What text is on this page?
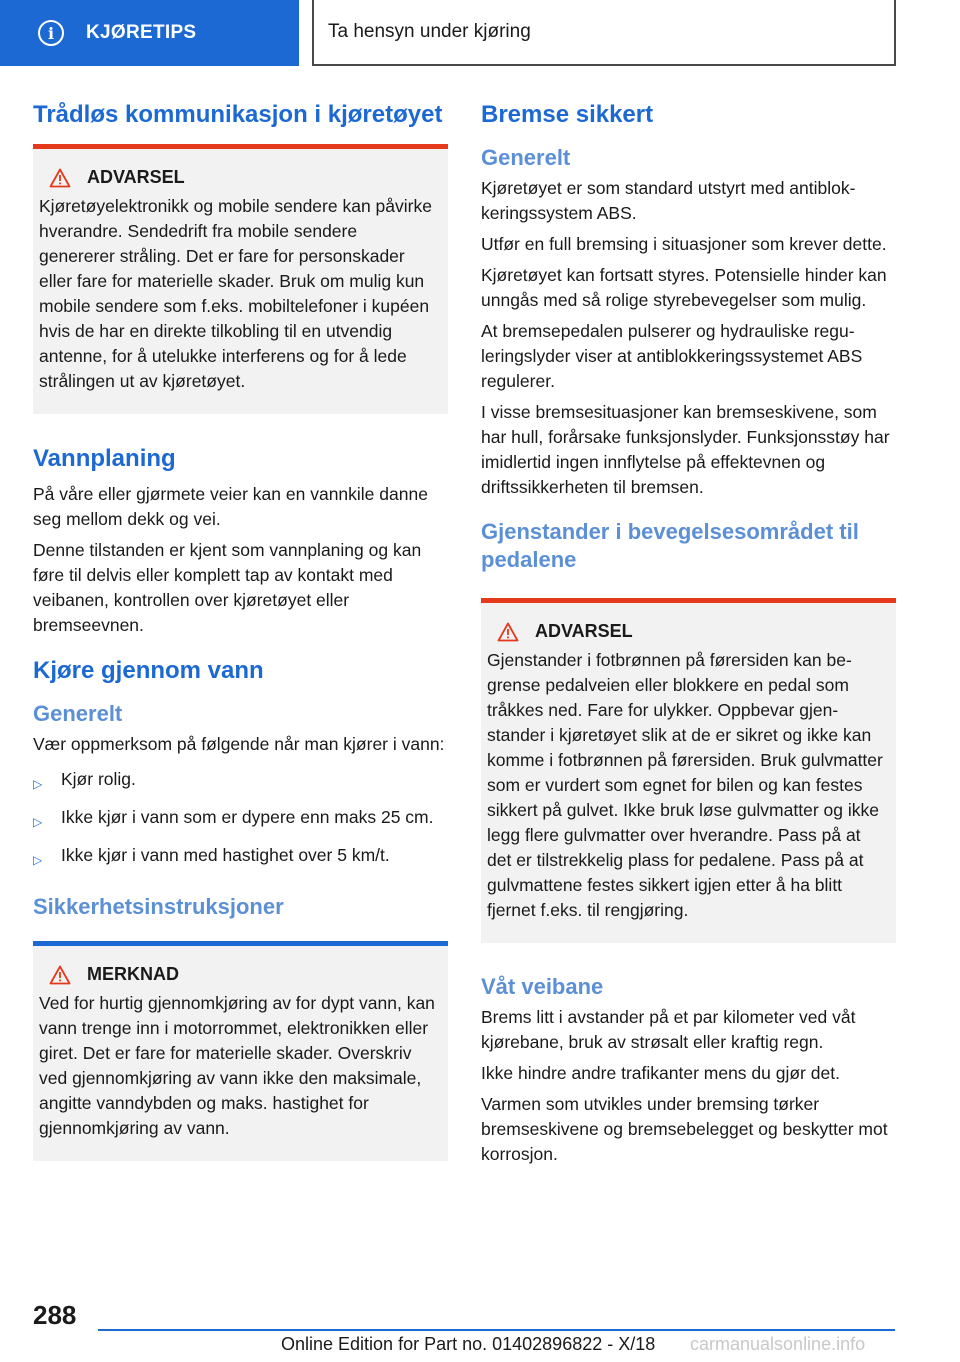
i	KJØRETIPS	Ta hensyn under kjøring
Trådløs kommunikasjon i kjøretøyet
ADVARSEL

Kjøretøyelektronikk og mobile sendere kan påvirke hverandre. Sendedrift fra mobile sendere genererer stråling. Det er fare for personskader eller fare for materielle skader. Bruk om mulig kun mobile sendere som f.eks. mobiltelefoner i kupéen hvis de har en direkte tilkobling til en utvendig antenne, for å utelukke interferens og for å lede strålingen ut av kjøretøyet.

Vannplaning

På våre eller gjørmete veier kan en vannkile danne seg mellom dekk og vei.

Denne tilstanden er kjent som vannplaning og kan føre til delvis eller komplett tap av kontakt med veibanen, kontrollen over kjøretøyet eller bremseevnen.

Kjøre gjennom vann
Generelt

Vær oppmerksom på følgende når man kjører i vann:

▷	Kjør rolig.
▷	Ikke kjør i vann som er dypere enn maks 25 cm.
▷	Ikke kjør i vann med hastighet over 5 km/t.
Sikkerhetsinstruksjoner
MERKNAD

Ved for hurtig gjennomkjøring av for dypt vann, kan vann trenge inn i motorrommet, elektronikken eller giret. Det er fare for materielle skader. Overskriv ved gjennomkjøring av vann ikke den maksimale, angitte vanndybden og maks. hastighet for gjennomkjøring av vann.

Bremse sikkert
Generelt

Kjøretøyet er som standard utstyrt med antiblokkeringssystem ABS.

Utfør en full bremsing i situasjoner som krever dette.

Kjøretøyet kan fortsatt styres. Potensielle hinder kan unngås med så rolige styrebevegelser som mulig.

At bremsepedalen pulserer og hydrauliske reguleringslyder viser at antiblokkeringssystemet ABS regulerer.

I visse bremsesituasjoner kan bremseskivene, som har hull, forårsake funksjonslyder. Funksjonsstøy har imidlertid ingen innflytelse på effektevnen og driftssikkerheten til bremsen.

Gjenstander i bevegelsesområdet til pedalene
ADVARSEL

Gjenstander i fotbrønnen på førersiden kan begrense pedalveien eller blokkere en pedal som tråkkes ned. Fare for ulykker. Oppbevar gjenstander i kjøretøyet slik at de er sikret og ikke kan komme i fotbrønnen på førersiden. Bruk gulvmatter som er vurdert som egnet for bilen og kan festes sikkert på gulvet. Ikke bruk løse gulvmatter og ikke legg flere gulvmatter over hverandre. Pass på at det er tilstrekkelig plass for pedalene. Pass på at gulvmattene festes sikkert igjen etter å ha blitt fjernet f.eks. til rengjøring.

Våt veibane

Brems litt i avstander på et par kilometer ved våt kjørebane, bruk av strøsalt eller kraftig regn.

Ikke hindre andre trafikanter mens du gjør det.

Varmen som utvikles under bremsing tørker bremseskivene og bremsebelegget og beskytter mot korrosjon.

288
Online Edition for Part no. 01402896822 - X/18 carmanualsonline.info
